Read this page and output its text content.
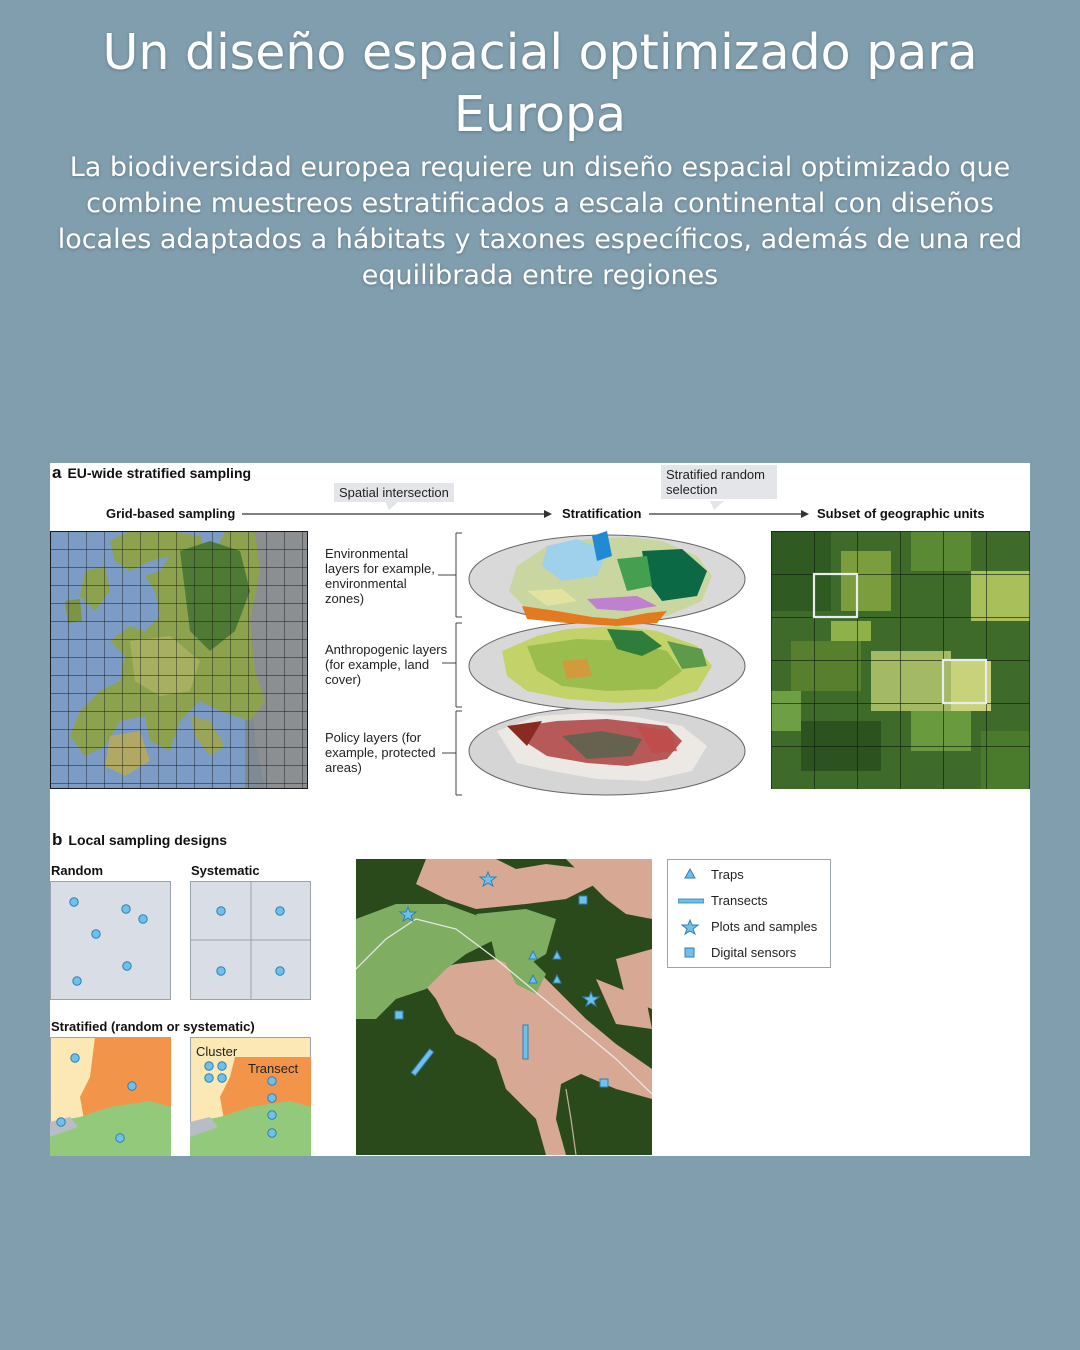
Un diseño espacial optimizado para Europa
La biodiversidad europea requiere un diseño espacial optimizado que combine muestreos estratificados a escala continental con diseños locales adaptados a hábitats y taxones específicos, además de una red equilibrada entre regiones
a EU-wide stratified sampling
Spatial intersection
Stratified random selection
Grid-based sampling	Stratification	Subset of geographic units
Environmental layers for example, environmental zones)
Anthropogenic layers (for example, land cover)
Policy layers (for example, protected areas)
b Local sampling designs
Random	Systematic
Stratified (random or systematic)
Cluster
Transect
Traps
Transects
Plots and samples
Digital sensors
